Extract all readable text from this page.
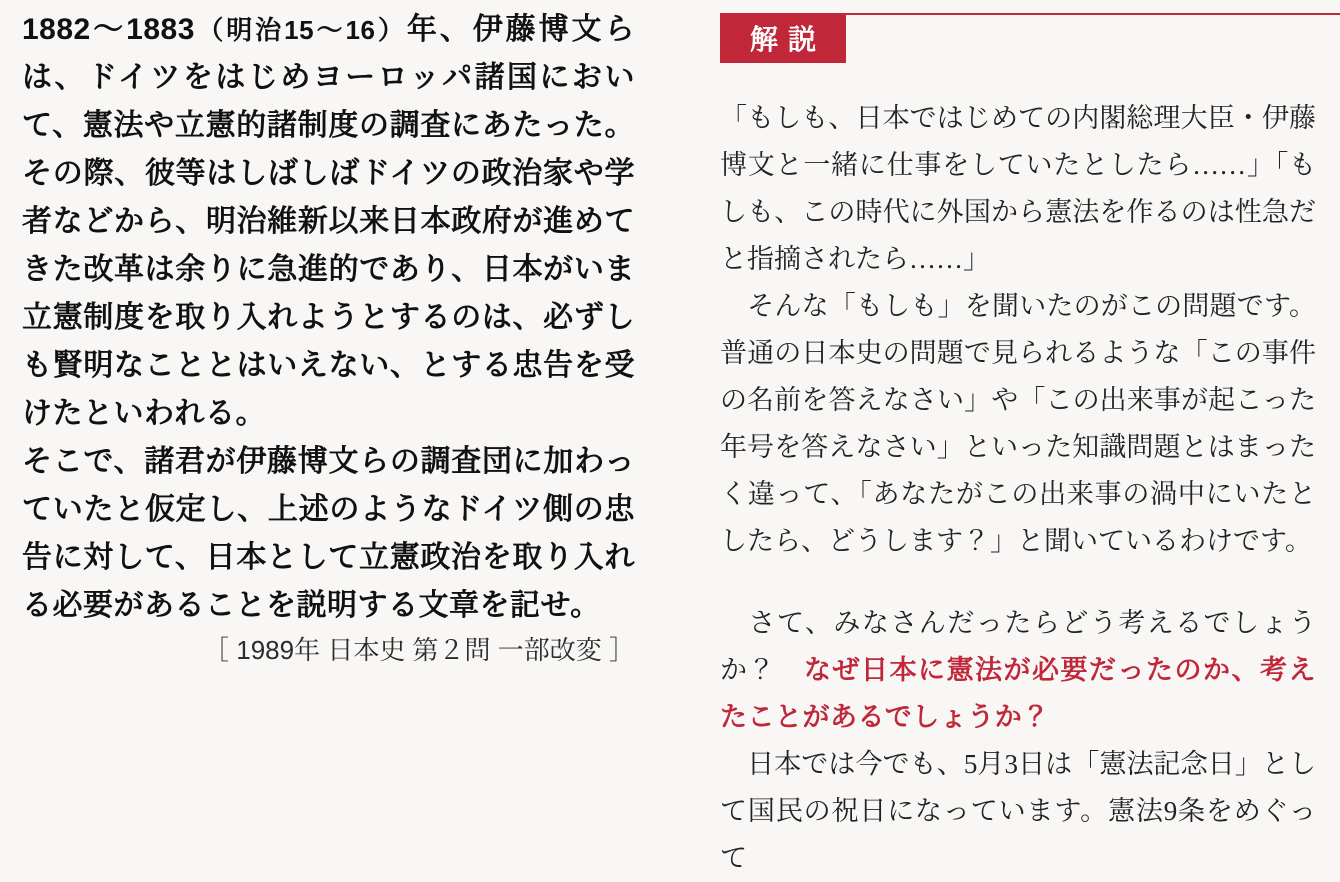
1882〜1883（明治15〜16）年、伊藤博文らは、ドイツをはじめヨーロッパ諸国において、憲法や立憲的諸制度の調査にあたった。その際、彼等はしばしばドイツの政治家や学者などから、明治維新以来日本政府が進めてきた改革は余りに急進的であり、日本がいま立憲制度を取り入れようとするのは、必ずしも賢明なこととはいえない、とする忠告を受けたといわれる。

そこで、諸君が伊藤博文らの調査団に加わっていたと仮定し、上述のようなドイツ側の忠告に対して、日本として立憲政治を取り入れる必要があることを説明する文章を記せ。

［ 1989年 日本史 第２問 一部改変 ］

解説

「もしも、日本ではじめての内閣総理大臣・伊藤博文と一緒に仕事をしていたとしたら……」「もしも、この時代に外国から憲法を作るのは性急だと指摘されたら……」

　そんな「もしも」を聞いたのがこの問題です。普通の日本史の問題で見られるような「この事件の名前を答えなさい」や「この出来事が起こった年号を答えなさい」といった知識問題とはまったく違って、「あなたがこの出来事の渦中にいたとしたら、どうします？」と聞いているわけです。

　さて、みなさんだったらどう考えるでしょうか？　なぜ日本に憲法が必要だったのか、考えたことがあるでしょうか？

　日本では今でも、5月3日は「憲法記念日」として国民の祝日になっています。憲法9条をめぐって
